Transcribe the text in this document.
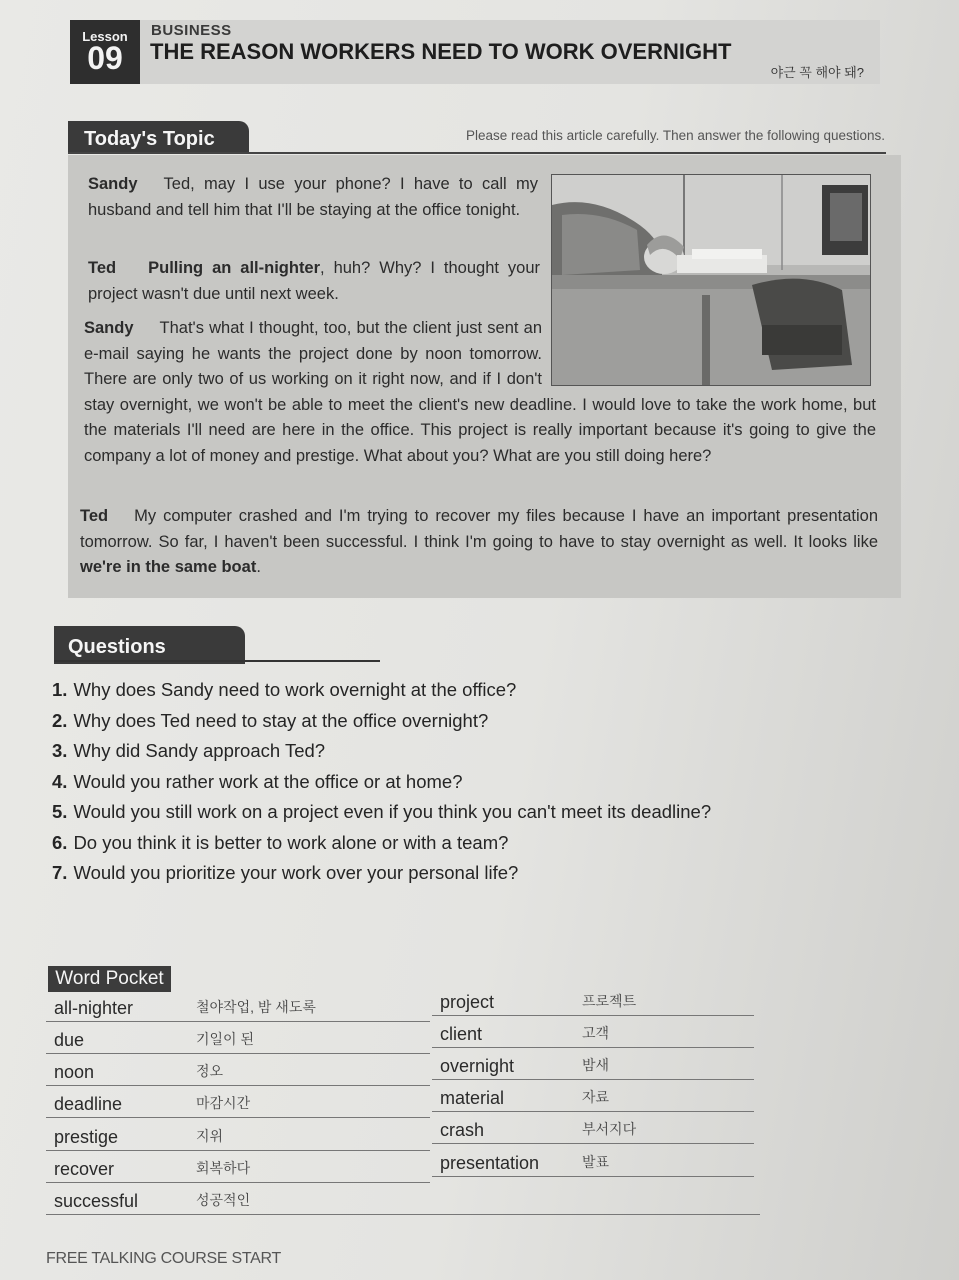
Lesson
09
BUSINESS
THE REASON WORKERS NEED TO WORK OVERNIGHT
야근 꼭 해야 돼?
Today's Topic	Please read this article carefully. Then answer the following questions.

Sandy Ted, may I use your phone? I have to call my husband and tell him that I'll be staying at the office tonight.

Ted Pulling an all-nighter, huh? Why? I thought your project wasn't due until next week.

Sandy That's what I thought, too, but the client just sent an e-mail saying he wants the project done by noon tomorrow. There are only two of us working on it right now, and if I don't stay overnight, we won't be able to meet the client's new deadline. I would love to take the work home, but the materials I'll need are here in the office. This project is really important because it's going to give the company a lot of money and prestige. What about you? What are you still doing here?

Ted My computer crashed and I'm trying to recover my files because I have an important presentation tomorrow. So far, I haven't been successful. I think I'm going to have to stay overnight as well. It looks like we're in the same boat.

Questions
1. Why does Sandy need to work overnight at the office?
2. Why does Ted need to stay at the office overnight?
3. Why did Sandy approach Ted?
4. Would you rather work at the office or at home?
5. Would you still work on a project even if you think you can't meet its deadline?
6. Do you think it is better to work alone or with a team?
7. Would you prioritize your work over your personal life?
Word Pocket
all-nighter	철야작업, 밤 새도록
due	기일이 된
noon	정오
deadline	마감시간
prestige	지위
recover	회복하다
successful	성공적인
project	프로젝트
client	고객
overnight	밤새
material	자료
crash	부서지다
presentation	발표
FREE TALKING COURSE START
